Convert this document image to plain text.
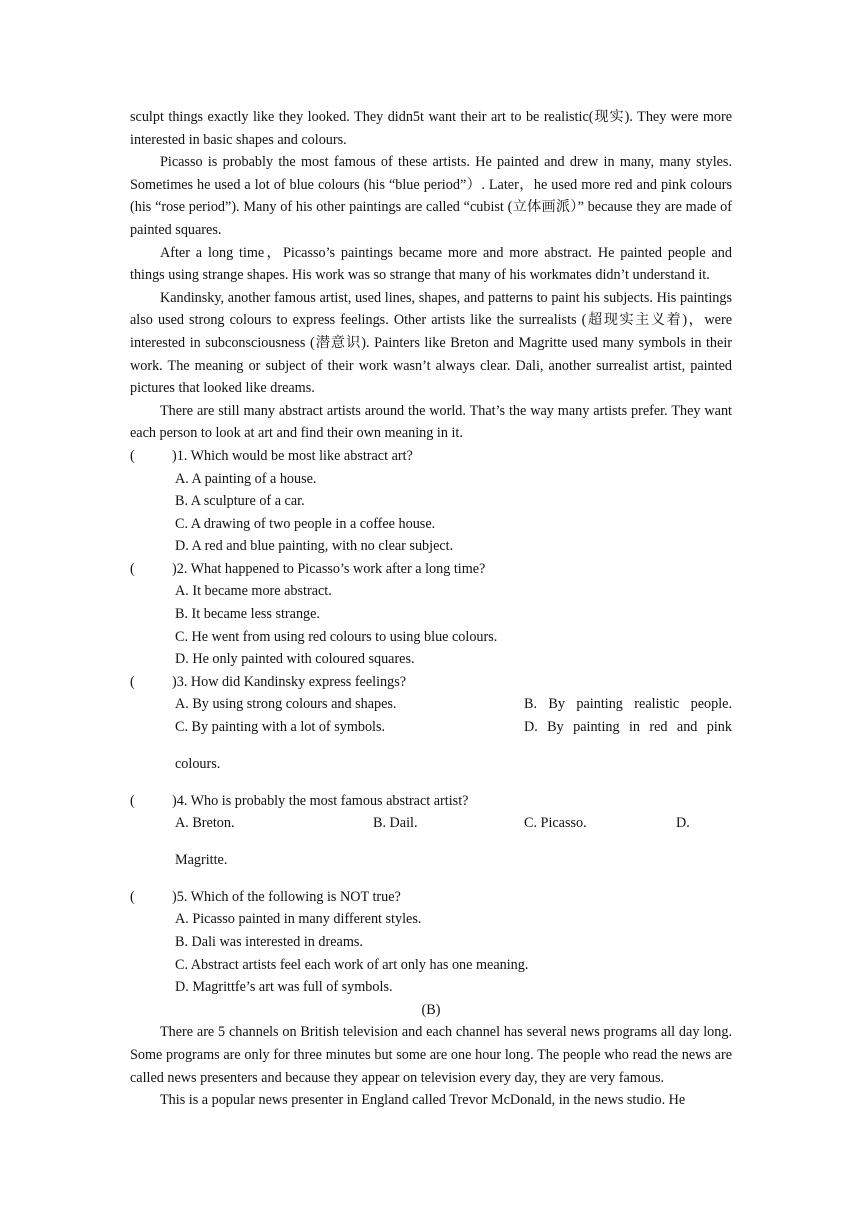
sculpt things exactly like they looked. They didn5t want their art to be realistic(现实). They were more interested in basic shapes and colours.

Picasso is probably the most famous of these artists. He painted and drew in many, many styles. Sometimes he used a lot of blue colours (his “blue period”）. Later，he used more red and pink colours (his “rose period”). Many of his other paintings are called “cubist (立体画派）” because they are made of painted squares.

After a long time，Picasso’s paintings became more and more abstract. He painted people and things using strange shapes. His work was so strange that many of his workmates didn’t understand it.

Kandinsky, another famous artist, used lines, shapes, and patterns to paint his subjects. His paintings also used strong colours to express feelings. Other artists like the surrealists (超现实主义着)，were interested in subconsciousness (潜意识). Painters like Breton and Magritte used many symbols in their work. The meaning or subject of their work wasn’t always clear. Dali, another surrealist artist, painted pictures that looked like dreams.

There are still many abstract artists around the world. That’s the way many artists prefer. They want each person to look at art and find their own meaning in it.

(	)1. Which would be most like abstract art?

A. A painting of a house.

B. A sculpture of a car.

C. A drawing of two people in a coffee house.

D. A red and blue painting, with no clear subject.

(	)2. What happened to Picasso’s work after a long time?

A. It became more abstract.

B. It became less strange.

C. He went from using red colours to using blue colours.

D. He only painted with coloured squares.

(	)3. How did Kandinsky express feelings?

A. By using strong colours and shapes.	B. By painting realistic people.
C. By painting with a lot of symbols.	D. By painting in red and pink

colours.

(	)4. Who is probably the most famous abstract artist?

A. Breton.	B. Dail.	C. Picasso.	D.

Magritte.

(	)5. Which of the following is NOT true?

A. Picasso painted in many different styles.

B. Dali was interested in dreams.

C. Abstract artists feel each work of art only has one meaning.

D. Magrittfe’s art was full of symbols.

(B)

There are 5 channels on British television and each channel has several news programs all day long. Some programs are only for three minutes but some are one hour long. The people who read the news are called news presenters and because they appear on television every day, they are very famous.

This is a popular news presenter in England called Trevor McDonald, in the news studio. He
